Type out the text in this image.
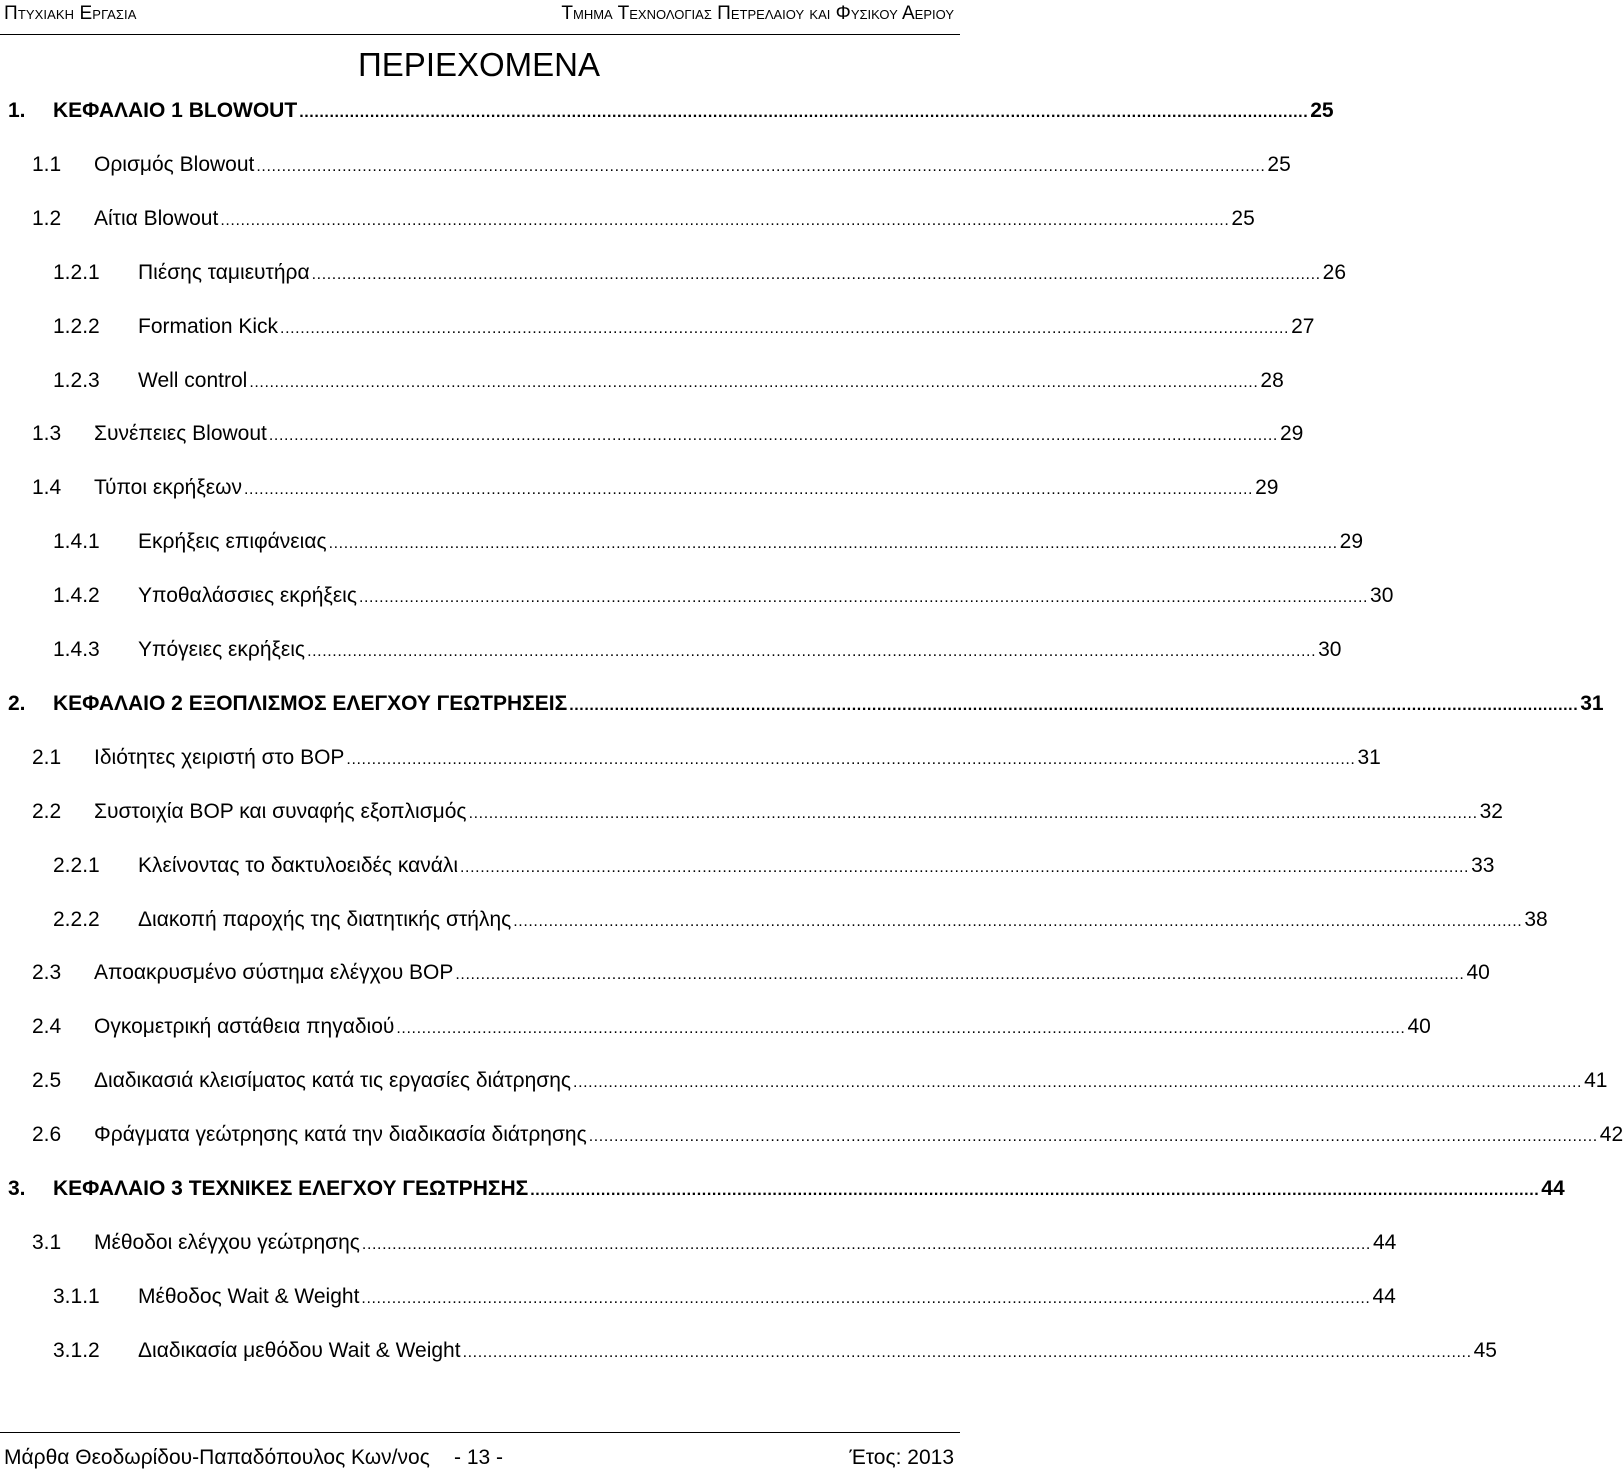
Πτυχιακη Εργασια	Τμημα Τεχνολογιας Πετρελαιου και Φυσικου Αεριου
ΠΕΡΙΕΧΟΜΕΝΑ
1.	ΚΕΦΑΛΑΙΟ 1 BLOWOUT ........................................................................................................................................................................................................ 25
1.1	Ορισμός Blowout ........................................................................................................................................................................................................ 25
1.2	Αίτια Blowout ........................................................................................................................................................................................................ 25
1.2.1	Πιέσης ταμιευτήρα ........................................................................................................................................................................................................ 26
1.2.2	Formation Kick ........................................................................................................................................................................................................ 27
1.2.3	Well control ........................................................................................................................................................................................................ 28
1.3	Συνέπειες Blowout ........................................................................................................................................................................................................ 29
1.4	Τύποι εκρήξεων ........................................................................................................................................................................................................ 29
1.4.1	Εκρήξεις επιφάνειας ........................................................................................................................................................................................................ 29
1.4.2	Υποθαλάσσιες εκρήξεις ........................................................................................................................................................................................................ 30
1.4.3	Υπόγειες εκρήξεις ........................................................................................................................................................................................................ 30
2.	ΚΕΦΑΛΑΙΟ 2 ΕΞΟΠΛΙΣΜΟΣ ΕΛΕΓΧΟΥ ΓΕΩΤΡΗΣΕΙΣ ........................................................................................................................................................................................................ 31
2.1	Ιδιότητες χειριστή στο BOP ........................................................................................................................................................................................................ 31
2.2	Συστοιχία BOP και συναφής εξοπλισμός ........................................................................................................................................................................................................ 32
2.2.1	Κλείνοντας το δακτυλοειδές κανάλι ........................................................................................................................................................................................................ 33
2.2.2	Διακοπή παροχής της διατητικής στήλης ........................................................................................................................................................................................................ 38
2.3	Αποακρυσμένο σύστημα ελέγχου BOP ........................................................................................................................................................................................................ 40
2.4	Ογκομετρική αστάθεια πηγαδιού ........................................................................................................................................................................................................ 40
2.5	Διαδικασιά κλεισίματος κατά τις εργασίες διάτρησης ........................................................................................................................................................................................................ 41
2.6	Φράγματα γεώτρησης κατά την διαδικασία διάτρησης ........................................................................................................................................................................................................ 42
3.	ΚΕΦΑΛΑΙΟ 3 ΤΕΧΝΙΚΕΣ ΕΛΕΓΧΟΥ ΓΕΩΤΡΗΣΗΣ ........................................................................................................................................................................................................ 44
3.1	Μέθοδοι ελέγχου γεώτρησης ........................................................................................................................................................................................................ 44
3.1.1	Μέθοδος Wait & Weight ........................................................................................................................................................................................................ 44
3.1.2	Διαδικασία μεθόδου Wait & Weight ........................................................................................................................................................................................................ 45
Μάρθα Θεοδωρίδου-Παπαδόπουλος Κων/νος - 13 -	Έτος: 2013
